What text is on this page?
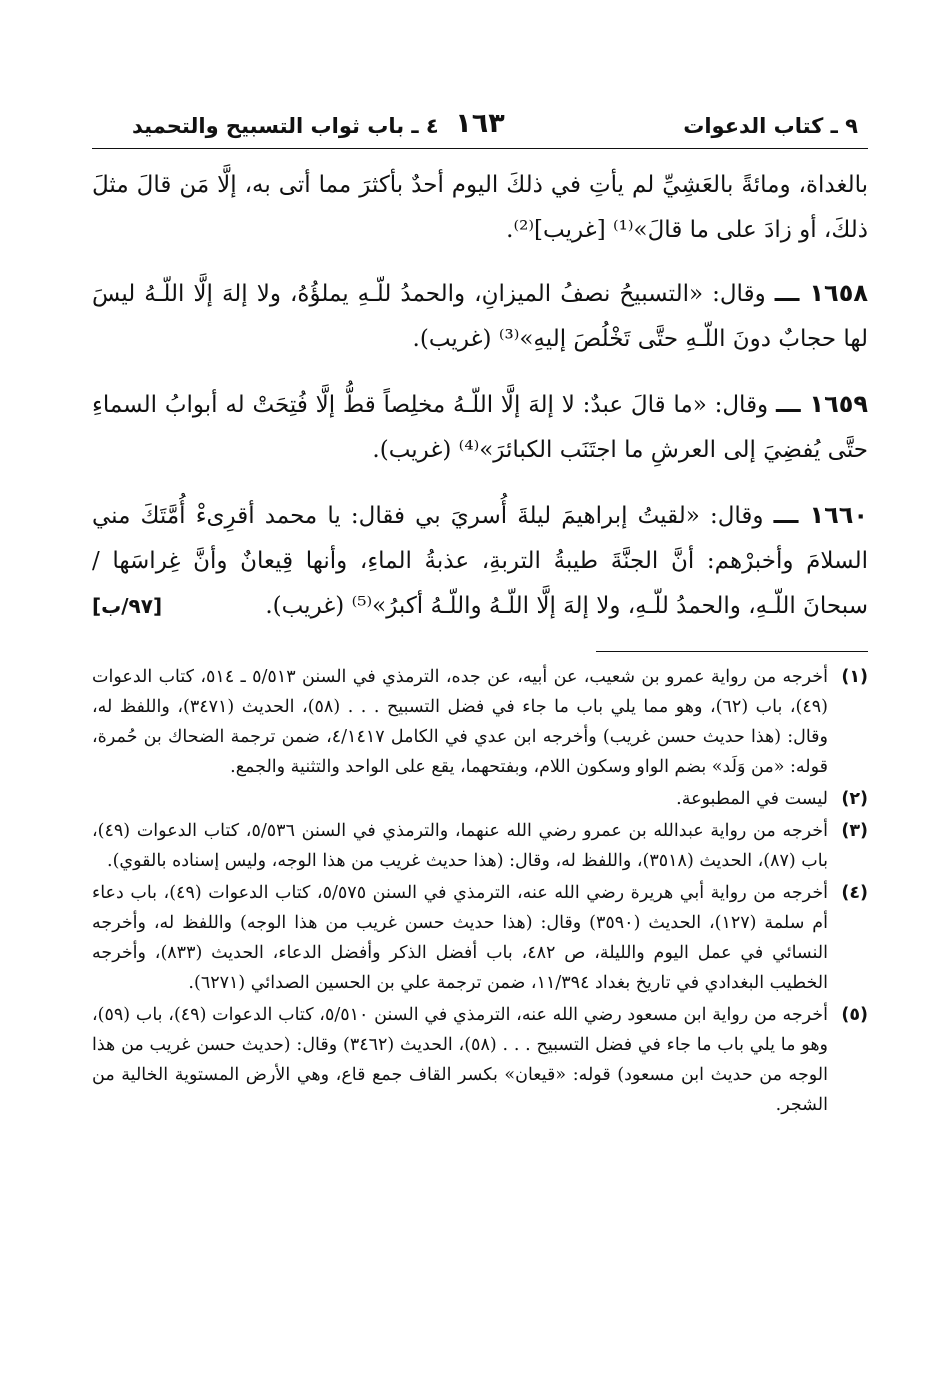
٩ ـ كتاب الدعوات
١٦٣
٤ ـ باب ثواب التسبيح والتحميد

بالغداة، ومائةً بالعَشِيِّ لم يأتِ في ذلكَ اليوم أحدٌ بأكثرَ مما أتى به، إلَّا مَن قالَ مثلَ ذلكَ، أو زادَ على ما قالَ»⁽¹⁾ [غريب]⁽²⁾.

١٦٥٨ ـــ وقال: «التسبيحُ نصفُ الميزانِ، والحمدُ للّـهِ يملؤُهُ، ولا إلهَ إلَّا اللّـهُ ليسَ لها حجابٌ دونَ اللّـهِ حتَّى تَخْلُصَ إليهِ»⁽³⁾ (غريب).

١٦٥٩ ـــ وقال: «ما قالَ عبدٌ: لا إلهَ إلَّا اللّـهُ مخلِصاً قطُّ إلَّا فُتِحَتْ له أبوابُ السماءِ حتَّى يُفضِيَ إلى العرشِ ما اجتَنَب الكبائرَ»⁽⁴⁾ (غريب).

١٦٦٠ ـــ وقال: «لقيتُ إبراهيمَ ليلةَ أُسريَ بي فقال: يا محمد أقرِىءْ أُمَّتَكَ مني السلامَ وأخبرْهم: أنَّ الجنَّةَ طيبةُ التربةِ، عذبةُ الماءِ، وأنها قِيعانٌ وأنَّ غِراسَها /سبحانَ اللّـهِ، والحمدُ للّـهِ، ولا إلهَ إلَّا اللّـهُ واللّـهُ أكبرُ»⁽⁵⁾ (غريب).
[٩٧/ب]

(١)
أخرجه من رواية عمرو بن شعيب، عن أبيه، عن جده، الترمذي في السنن ٥/٥١٣ ـ ٥١٤، كتاب الدعوات (٤٩)، باب (٦٢)، وهو مما يلي باب ما جاء في فضل التسبيح . . . (٥٨)، الحديث (٣٤٧١)، واللفظ له، وقال: (هذا حديث حسن غريب) وأخرجه ابن عدي في الكامل ٤/١٤١٧، ضمن ترجمة الضحاك بن حُمرة، قوله: «من وَلَد» بضم الواو وسكون اللام، وبفتحهما، يقع على الواحد والتثنية والجمع.
(٢)
ليست في المطبوعة.
(٣)
أخرجه من رواية عبدالله بن عمرو رضي الله عنهما، والترمذي في السنن ٥/٥٣٦، كتاب الدعوات (٤٩)، باب (٨٧)، الحديث (٣٥١٨)، واللفظ له، وقال: (هذا حديث غريب من هذا الوجه، وليس إسناده بالقوي).
(٤)
أخرجه من رواية أبي هريرة رضي الله عنه، الترمذي في السنن ٥/٥٧٥، كتاب الدعوات (٤٩)، باب دعاء أم سلمة (١٢٧)، الحديث (٣٥٩٠) وقال: (هذا حديث حسن غريب من هذا الوجه) واللفظ له، وأخرجه النسائي في عمل اليوم والليلة، ص ٤٨٢، باب أفضل الذكر وأفضل الدعاء، الحديث (٨٣٣)، وأخرجه الخطيب البغدادي في تاريخ بغداد ١١/٣٩٤، ضمن ترجمة علي بن الحسين الصدائي (٦٢٧١).
(٥)
أخرجه من رواية ابن مسعود رضي الله عنه، الترمذي في السنن ٥/٥١٠، كتاب الدعوات (٤٩)، باب (٥٩)، وهو ما يلي باب ما جاء في فضل التسبيح . . . (٥٨)، الحديث (٣٤٦٢) وقال: (حديث حسن غريب من هذا الوجه من حديث ابن مسعود) قوله: «قيعان» بكسر القاف جمع قاع، وهي الأرض المستوية الخالية من الشجر.
